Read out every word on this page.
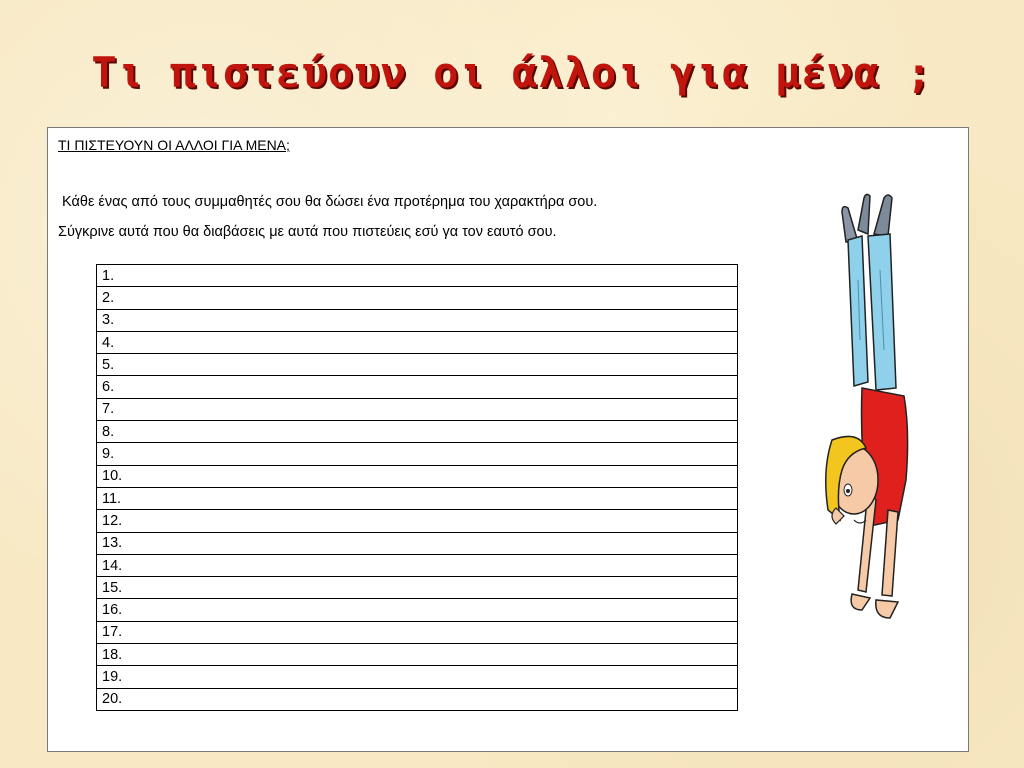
Τι πιστεύουν οι άλλοι για μένα ;
ΤΙ ΠΙΣΤΕΥΟΥΝ ΟΙ ΑΛΛΟΙ ΓΙΑ ΜΕΝΑ;
Κάθε ένας από τους συμμαθητές σου θα δώσει ένα προτέρημα του χαρακτήρα σου.
Σύγκρινε αυτά που θα διαβάσεις με αυτά που πιστεύεις εσύ γα τον εαυτό σου.
1.
2.
3.
4.
5.
6.
7.
8.
9.
10.
11.
12.
13.
14.
15.
16.
17.
18.
19.
20.
